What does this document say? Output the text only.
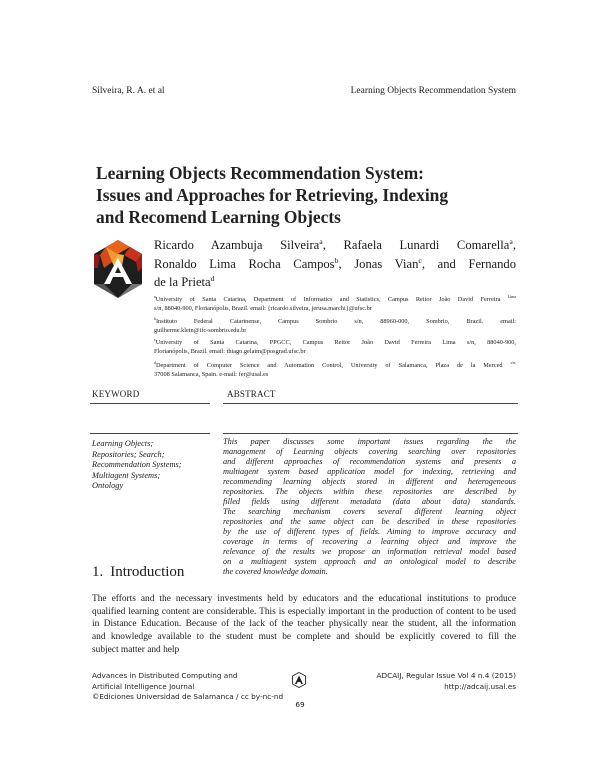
Silveira, R. A. et al	Learning Objects Recommendation System
Learning Objects Recommendation System:
Issues and Approaches for Retrieving, Indexing
and Recomend Learning Objects
Ricardo Azambuja Silveira$^a$, Rafaela Lunardi Comarella$^a$,
Ronaldo Lima Rocha Campos$^b$, Jonas Vian$^c$, and Fernando
de la Prieta$^d$
$^a$University of Santa Catarina, Department of Informatics and Statistics, Campus Reitor João David Ferreira $^{Lima}$
s/n, 88040-900, Florianópolis, Brazil. email: {ricardo.silveira, jerusa.marchi}@ufsc.br
$^b$Instituto Federal Catarinense, Campus Sombrio s/n, 88960-000, Sombrio, Brazil. email:
guilherme.klein@ifc-sombrio.edu.br
$^c$University of Santa Catarina, PPGCC, Campus Reitor João David Ferreira Lima s/n, 88040-900,
Florianópolis, Brazil. email: thiago.gelaim@posgrad.ufsc.br
$^d$Department of Computer Science and Automation Control, University of Salamanca, Plaza de la Merced $^{s/n,}$
37008 Salamanca, Spain. e-mail: fer@usal.es
KEYWORD	ABSTRACT
Learning Objects;
Repositories; Search;
Recommendation Systems;
Multiagent Systems;
Ontology
This paper discusses some important issues regarding the the
management of Learning objects covering searching over repositories
and different approaches of recommendation systems and presents a
multiagent system based application model for indexing, retrieving and
recommending learning objects stored in different and heterogeneous
repositories. The objects within these repositories are described by
filled fields using different metadata (data about data) standards.
The searching mechanism covers several different learning object
repositories and the same object can be described in these repositories
by the use of different types of fields. Aiming to improve accuracy and
coverage in terms of recovering a learning object and improve the
relevance of the results we propose an information retrieval model based
on a multiagent system approach and an ontological model to describe
the covered knowledge domain.
1. Introduction
The efforts and the necessary investments held by educators and the educational institutions to produce
qualified learning content are considerable. This is especially important in the production of content to be used
in Distance Education. Because of the lack of the teacher physically near the student, all the information
and knowledge available to the student must be complete and should be explicitly covered to fill the
subject matter and help
Advances in Distributed Computing and
Artificial Intelligence Journal
©Ediciones Universidad de Salamanca / cc by-nc-nd
ADCAIJ, Regular Issue Vol 4 n.4 (2015)
http://adcaij.usal.es
69
